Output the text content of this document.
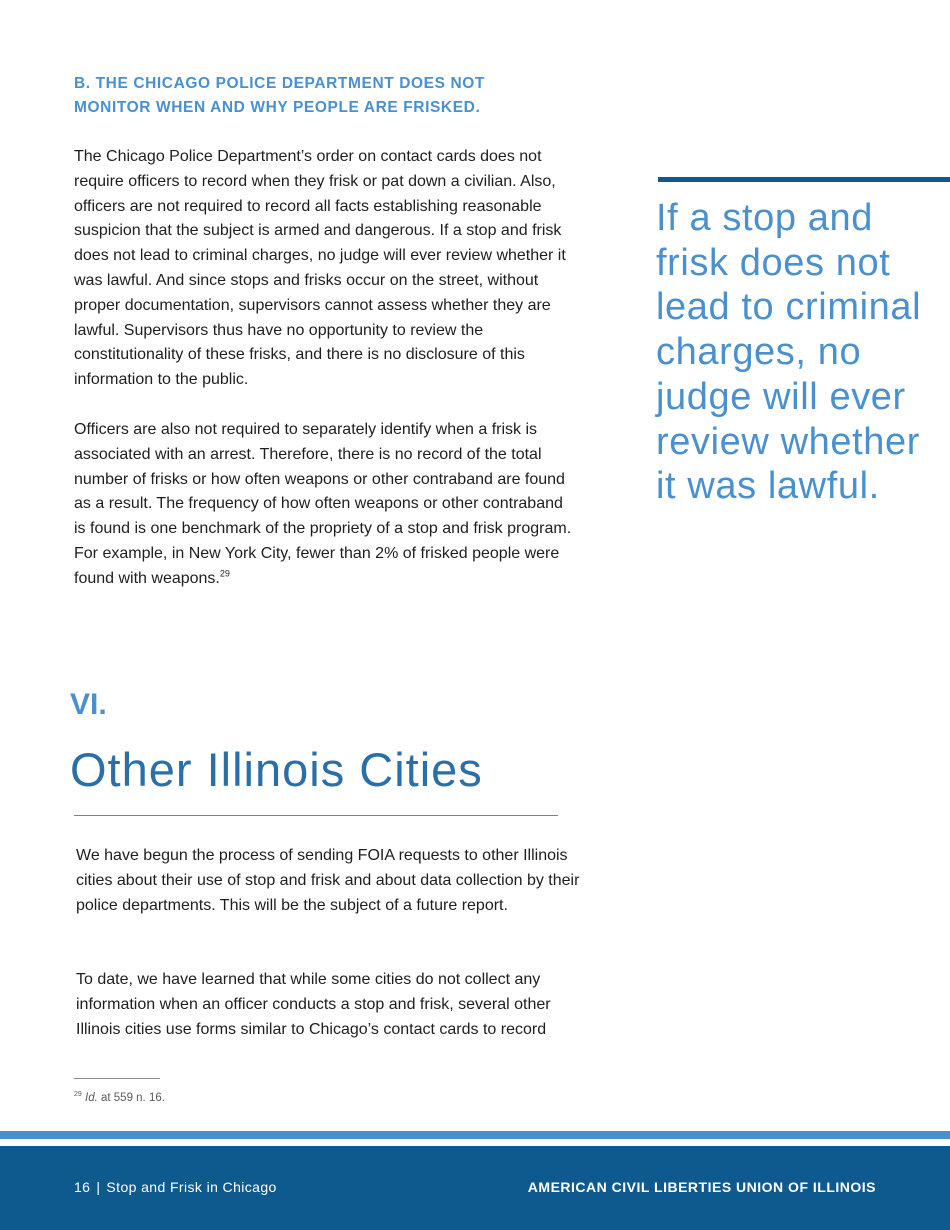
B. THE CHICAGO POLICE DEPARTMENT DOES NOT
MONITOR WHEN AND WHY PEOPLE ARE FRISKED.

The Chicago Police Department’s order on contact cards does not require officers to record when they frisk or pat down a civilian. Also, officers are not required to record all facts establishing reasonable suspicion that the subject is armed and dangerous. If a stop and frisk does not lead to criminal charges, no judge will ever review whether it was lawful. And since stops and frisks occur on the street, without proper documentation, supervisors cannot assess whether they are lawful. Supervisors thus have no opportunity to review the constitutionality of these frisks, and there is no disclosure of this information to the public.

Officers are also not required to separately identify when a frisk is associated with an arrest. Therefore, there is no record of the total number of frisks or how often weapons or other contraband are found as a result. The frequency of how often weapons or other contraband is found is one benchmark of the propriety of a stop and frisk program. For example, in New York City, fewer than 2% of frisked people were found with weapons.$^{29}$

If a stop and frisk does not lead to criminal charges, no judge will ever review whether it was lawful.

VI.
Other Illinois Cities

We have begun the process of sending FOIA requests to other Illinois cities about their use of stop and frisk and about data collection by their police departments. This will be the subject of a future report.

To date, we have learned that while some cities do not collect any information when an officer conducts a stop and frisk, several other Illinois cities use forms similar to Chicago’s contact cards to record

$^{29}$ Id. at 559 n. 16.

16 | Stop and Frisk in Chicago	AMERICAN CIVIL LIBERTIES UNION OF ILLINOIS
